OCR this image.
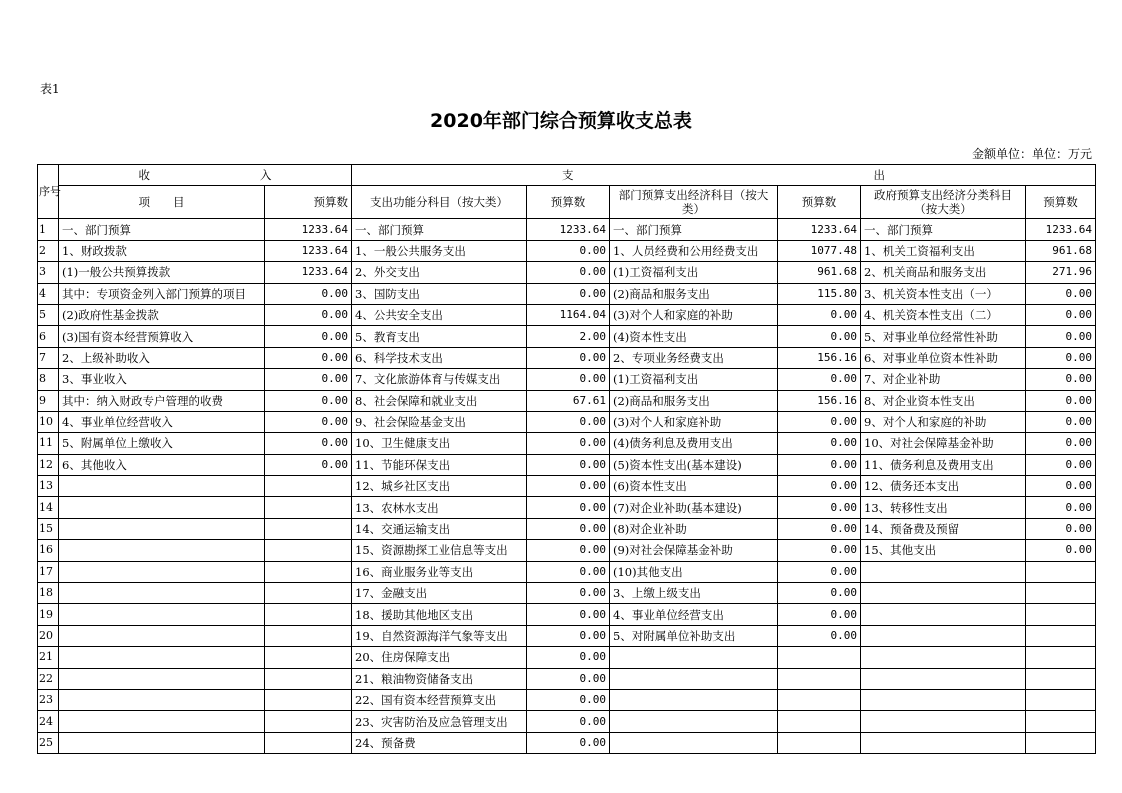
表1
2020年部门综合预算收支总表
金额单位：单位：万元
序号	收 入		支 出					
	项　　目	预算数	支出功能分科目（按大类）	预算数	部门预算支出经济科目（按大类）	预算数	政府预算支出经济分类科目（按大类）	预算数
1	一、部门预算	1233.64	一、部门预算	1233.64	一、部门预算	1233.64	一、部门预算	1233.64
2	1、财政拨款	1233.64	1、一般公共服务支出	0.00	1、人员经费和公用经费支出	1077.48	1、机关工资福利支出	961.68
3	(1)一般公共预算拨款	1233.64	2、外交支出	0.00	(1)工资福利支出	961.68	2、机关商品和服务支出	271.96
4	其中：专项资金列入部门预算的项目	0.00	3、国防支出	0.00	(2)商品和服务支出	115.80	3、机关资本性支出（一）	0.00
5	(2)政府性基金拨款	0.00	4、公共安全支出	1164.04	(3)对个人和家庭的补助	0.00	4、机关资本性支出（二）	0.00
6	(3)国有资本经营预算收入	0.00	5、教育支出	2.00	(4)资本性支出	0.00	5、对事业单位经常性补助	0.00
7	2、上级补助收入	0.00	6、科学技术支出	0.00	2、专项业务经费支出	156.16	6、对事业单位资本性补助	0.00
8	3、事业收入	0.00	7、文化旅游体育与传媒支出	0.00	(1)工资福利支出	0.00	7、对企业补助	0.00
9	其中：纳入财政专户管理的收费	0.00	8、社会保障和就业支出	67.61	(2)商品和服务支出	156.16	8、对企业资本性支出	0.00
10	4、事业单位经营收入	0.00	9、社会保险基金支出	0.00	(3)对个人和家庭补助	0.00	9、对个人和家庭的补助	0.00
11	5、附属单位上缴收入	0.00	10、卫生健康支出	0.00	(4)债务利息及费用支出	0.00	10、对社会保障基金补助	0.00
12	6、其他收入	0.00	11、节能环保支出	0.00	(5)资本性支出(基本建设)	0.00	11、债务利息及费用支出	0.00
13			12、城乡社区支出	0.00	(6)资本性支出	0.00	12、债务还本支出	0.00
14			13、农林水支出	0.00	(7)对企业补助(基本建设)	0.00	13、转移性支出	0.00
15			14、交通运输支出	0.00	(8)对企业补助	0.00	14、预备费及预留	0.00
16			15、资源勘探工业信息等支出	0.00	(9)对社会保障基金补助	0.00	15、其他支出	0.00
17			16、商业服务业等支出	0.00	(10)其他支出	0.00		
18			17、金融支出	0.00	3、上缴上级支出	0.00		
19			18、援助其他地区支出	0.00	4、事业单位经营支出	0.00		
20			19、自然资源海洋气象等支出	0.00	5、对附属单位补助支出	0.00		
21			20、住房保障支出	0.00				
22			21、粮油物资储备支出	0.00				
23			22、国有资本经营预算支出	0.00				
24			23、灾害防治及应急管理支出	0.00				
25			24、预备费	0.00				
